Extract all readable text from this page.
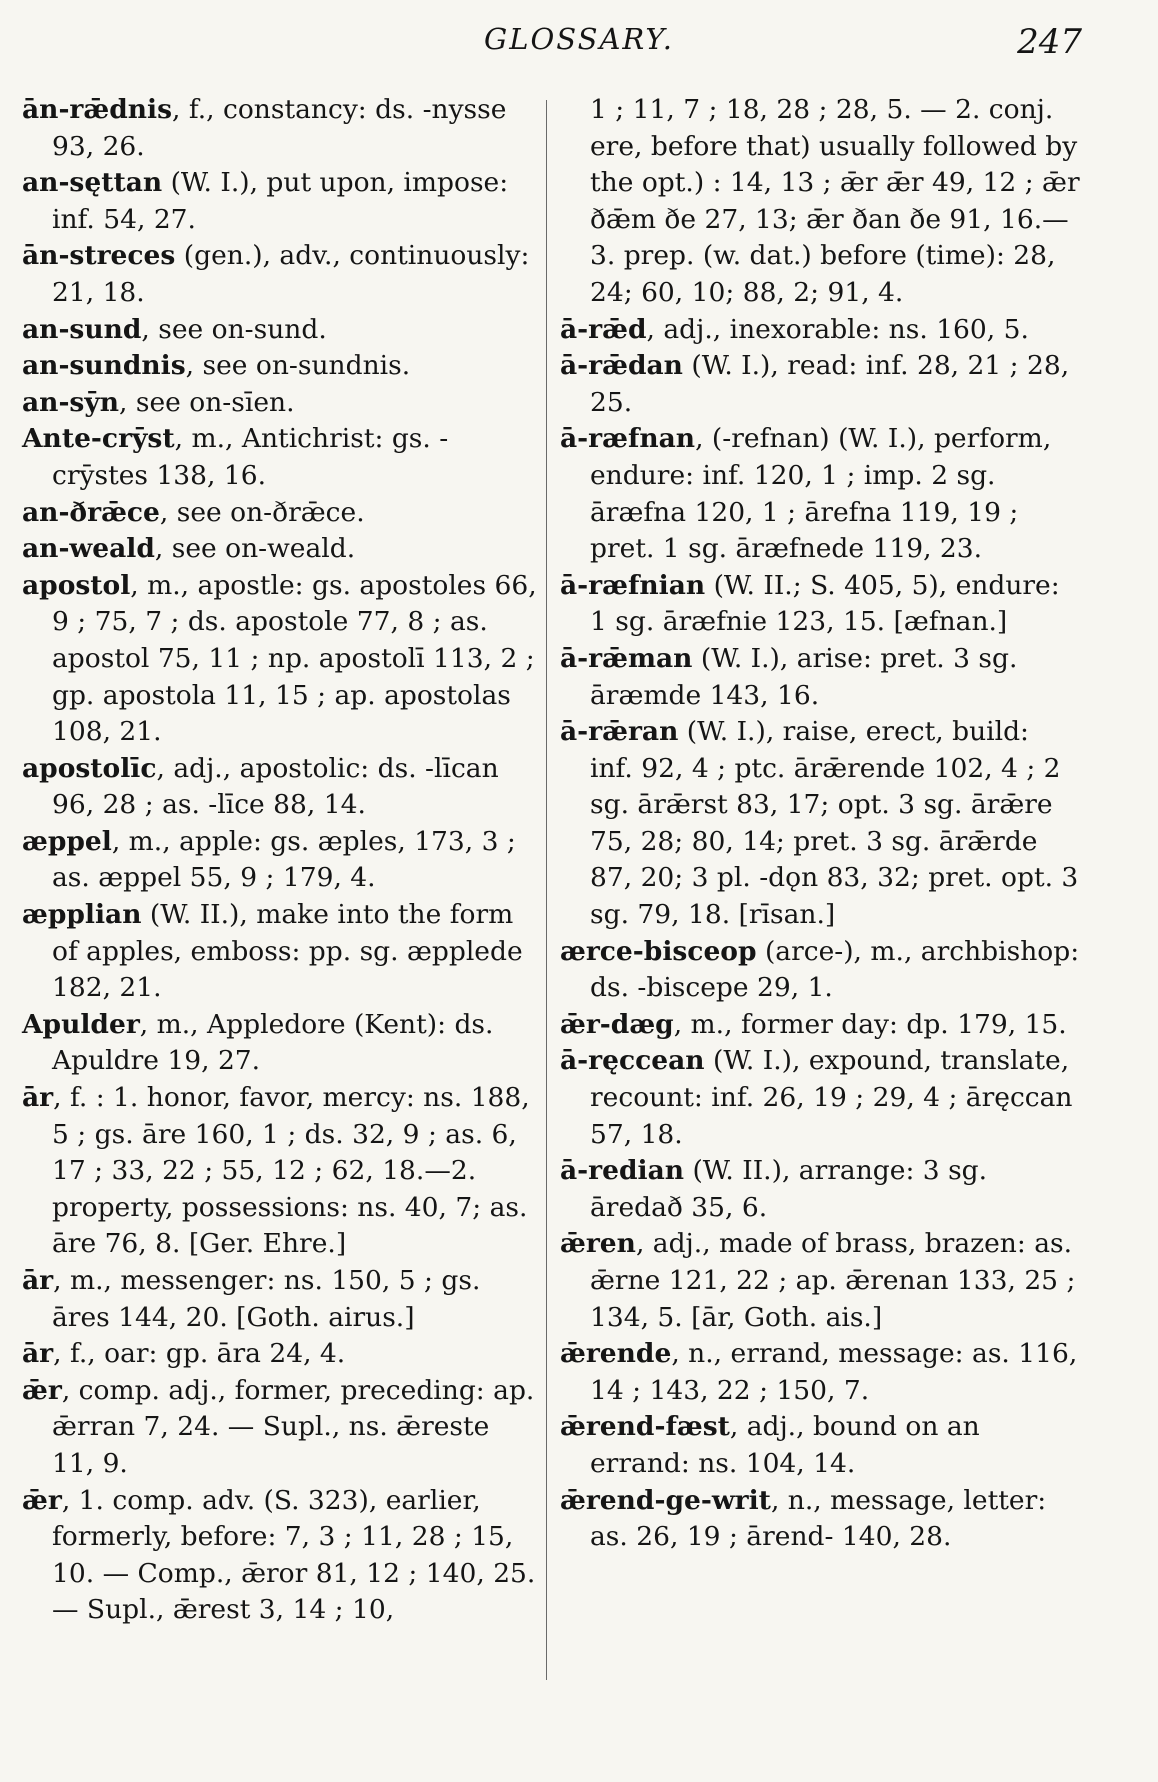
GLOSSARY.	247

ān-rǣdnis, f., constancy: ds. -nysse 93, 26.

an-sęttan (W. I.), put upon, impose: inf. 54, 27.

ān-streces (gen.), adv., continuously: 21, 18.

an-sund, see on-sund.

an-sundnis, see on-sundnis.

an-sȳn, see on-sīen.

Ante-crȳst, m., Antichrist: gs. -crȳstes 138, 16.

an-ðrǣce, see on-ðrǣce.

an-weald, see on-weald.

apostol, m., apostle: gs. apostoles 66, 9 ; 75, 7 ; ds. apostole 77, 8 ; as. apostol 75, 11 ; np. apostolī 113, 2 ; gp. apostola 11, 15 ; ap. apostolas 108, 21.

apostolīc, adj., apostolic: ds. -līcan 96, 28 ; as. -līce 88, 14.

æppel, m., apple: gs. æples, 173, 3 ; as. æppel 55, 9 ; 179, 4.

æpplian (W. II.), make into the form of apples, emboss: pp. sg. æpplede 182, 21.

Apulder, m., Appledore (Kent): ds. Apuldre 19, 27.

ār, f. : 1. honor, favor, mercy: ns. 188, 5 ; gs. āre 160, 1 ; ds. 32, 9 ; as. 6, 17 ; 33, 22 ; 55, 12 ; 62, 18.—2. property, possessions: ns. 40, 7; as. āre 76, 8. [Ger. Ehre.]

ār, m., messenger: ns. 150, 5 ; gs. āres 144, 20. [Goth. airus.]

ār, f., oar: gp. āra 24, 4.

ǣr, comp. adj., former, preceding: ap. ǣrran 7, 24. — Supl., ns. ǣreste 11, 9.

ǣr, 1. comp. adv. (S. 323), earlier, formerly, before: 7, 3 ; 11, 28 ; 15, 10. — Comp., ǣror 81, 12 ; 140, 25. — Supl., ǣrest 3, 14 ; 10,

1 ; 11, 7 ; 18, 28 ; 28, 5. — 2. conj. ere, before that) usually followed by the opt.) : 14, 13 ; ǣr ǣr 49, 12 ; ǣr ðǣm ðe 27, 13; ǣr ðan ðe 91, 16.—3. prep. (w. dat.) before (time): 28, 24; 60, 10; 88, 2; 91, 4.

ā-rǣd, adj., inexorable: ns. 160, 5.

ā-rǣdan (W. I.), read: inf. 28, 21 ; 28, 25.

ā-ræfnan, (-refnan) (W. I.), perform, endure: inf. 120, 1 ; imp. 2 sg. āræfna 120, 1 ; ārefna 119, 19 ; pret. 1 sg. āræfnede 119, 23.

ā-ræfnian (W. II.; S. 405, 5), endure: 1 sg. āræfnie 123, 15. [æfnan.]

ā-rǣman (W. I.), arise: pret. 3 sg. āræmde 143, 16.

ā-rǣran (W. I.), raise, erect, build: inf. 92, 4 ; ptc. ārǣrende 102, 4 ; 2 sg. ārǣrst 83, 17; opt. 3 sg. ārǣre 75, 28; 80, 14; pret. 3 sg. ārǣrde 87, 20; 3 pl. -dǫn 83, 32; pret. opt. 3 sg. 79, 18. [rīsan.]

ærce-bisceop (arce-), m., archbishop: ds. -biscepe 29, 1.

ǣr-dæg, m., former day: dp. 179, 15.

ā-ręccean (W. I.), expound, translate, recount: inf. 26, 19 ; 29, 4 ; āręccan 57, 18.

ā-redian (W. II.), arrange: 3 sg. āredað 35, 6.

ǣren, adj., made of brass, brazen: as. ǣrne 121, 22 ; ap. ǣrenan 133, 25 ; 134, 5. [ār, Goth. ais.]

ǣrende, n., errand, message: as. 116, 14 ; 143, 22 ; 150, 7.

ǣrend-fæst, adj., bound on an errand: ns. 104, 14.

ǣrend-ge-writ, n., message, letter: as. 26, 19 ; ārend- 140, 28.
